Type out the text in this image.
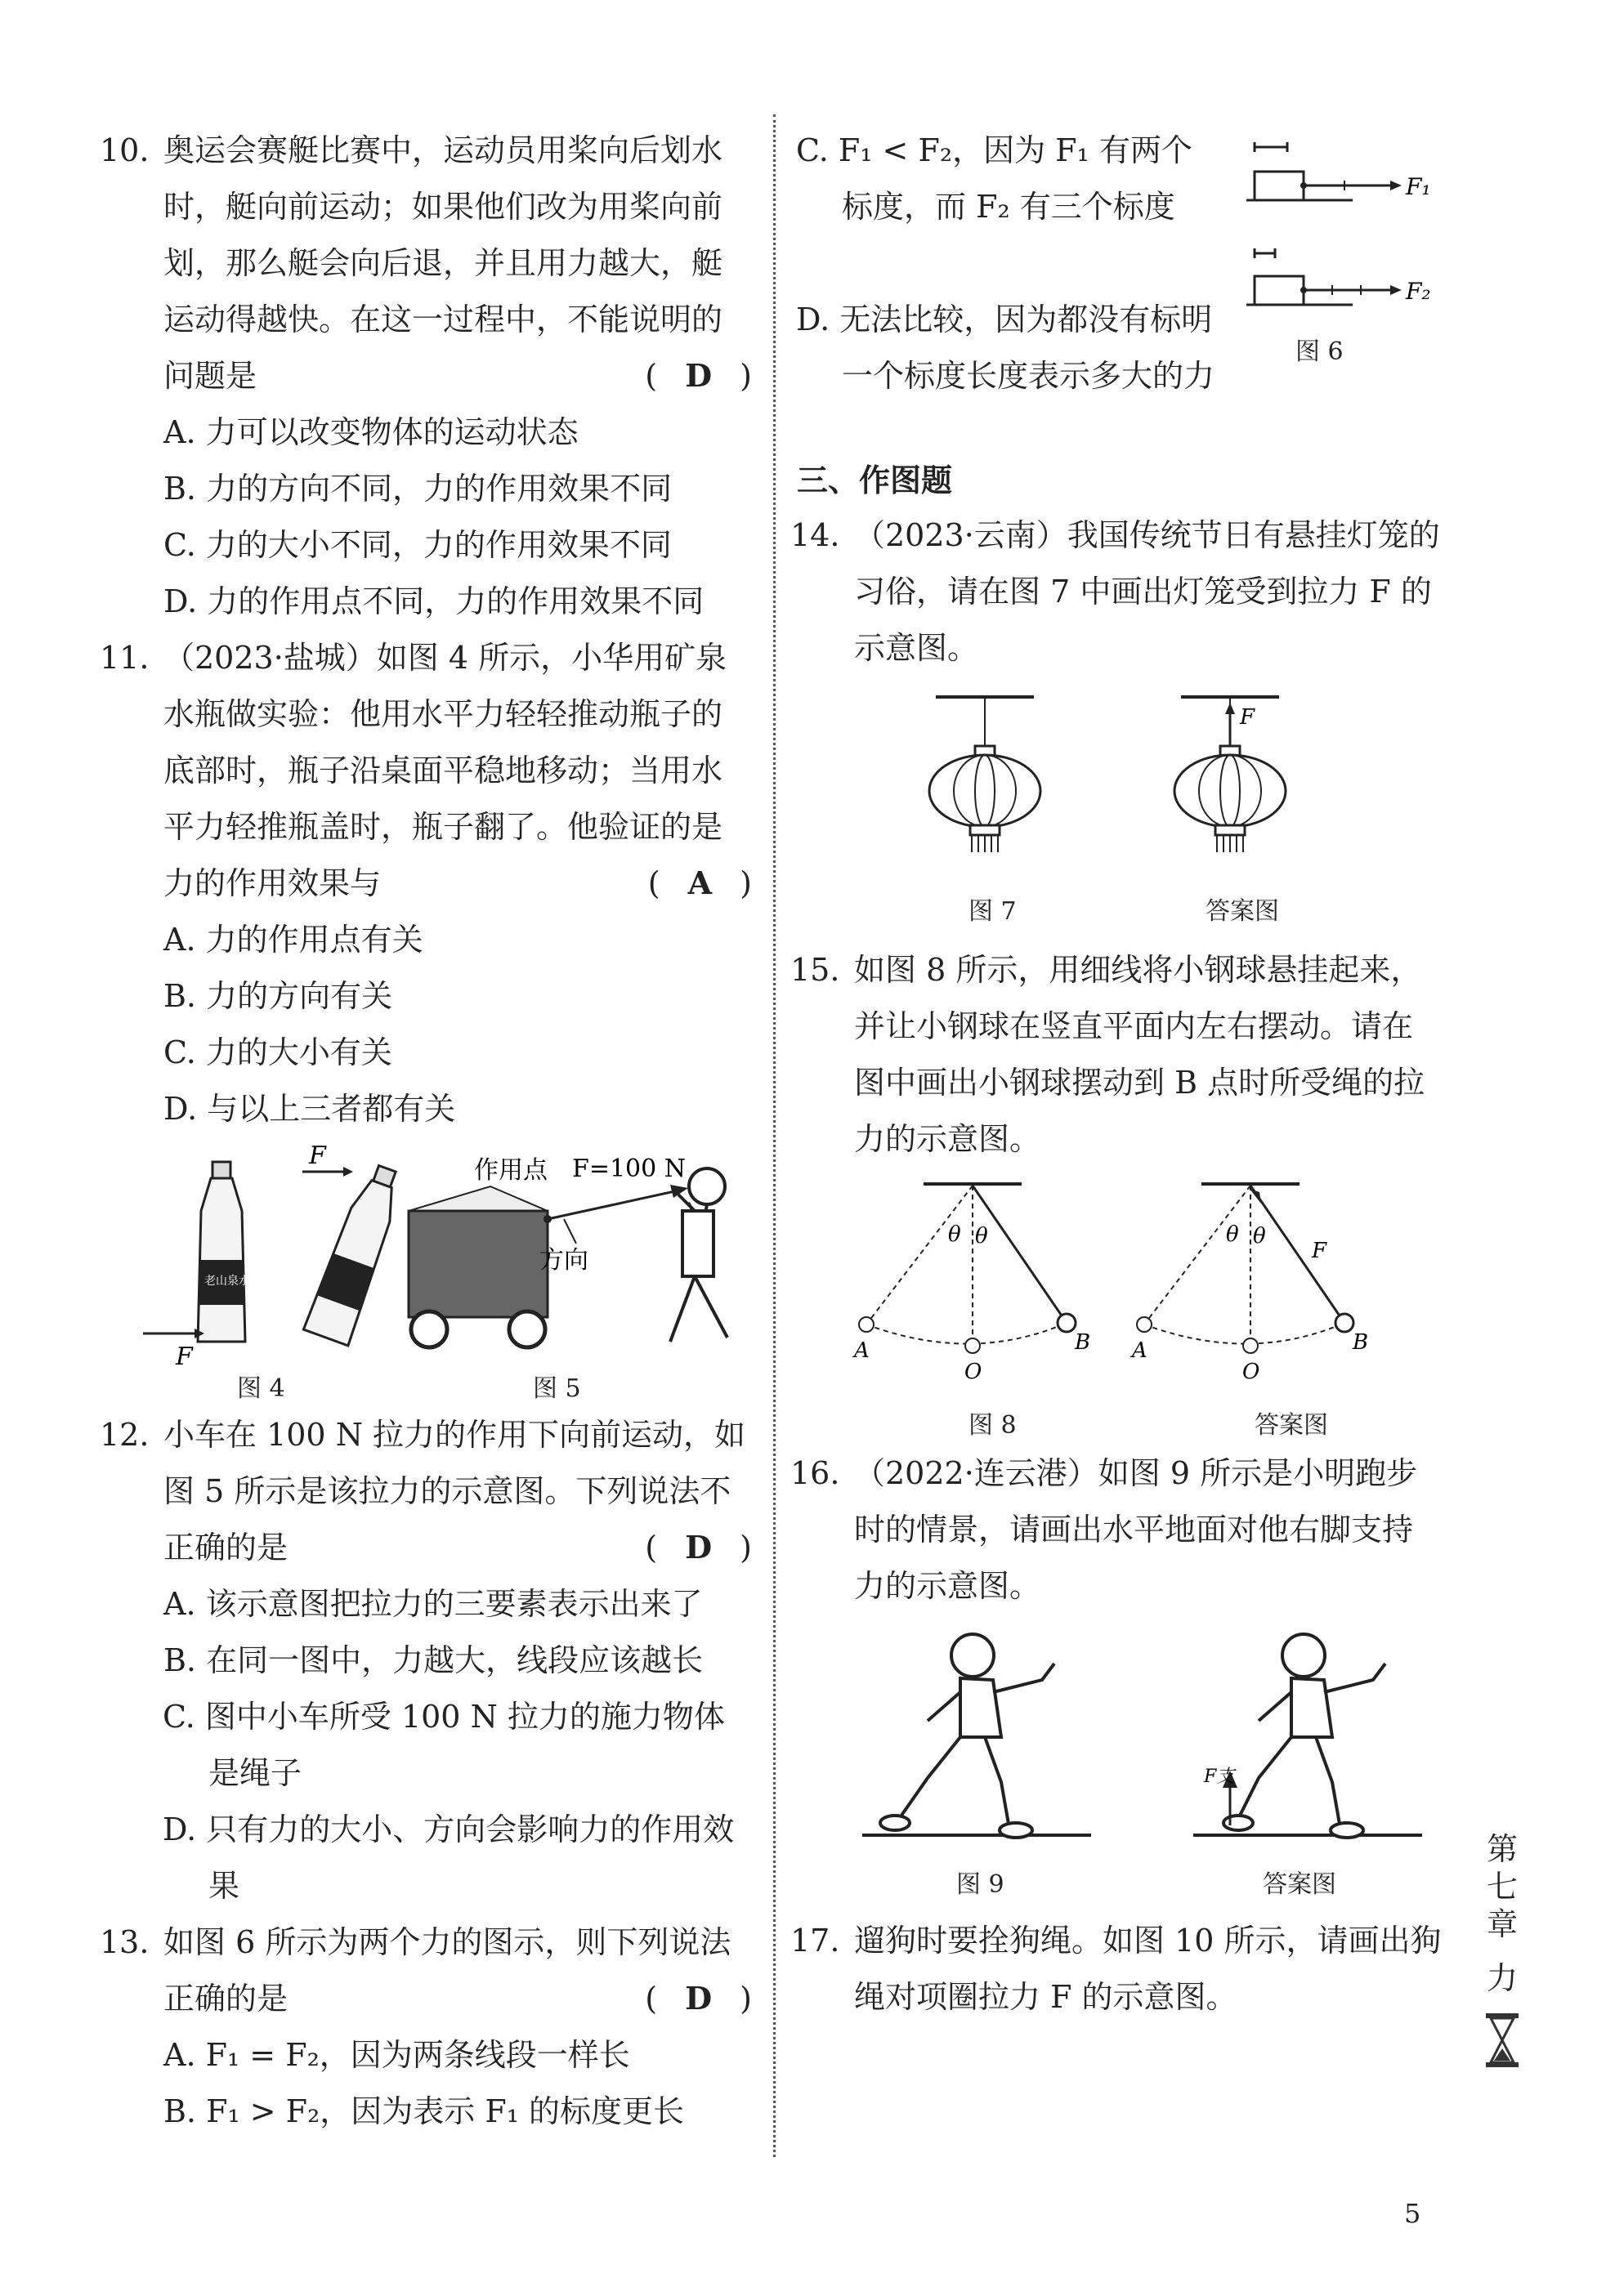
10. 奥运会赛艇比赛中，运动员用桨向后划水时，艇向前运动；如果他们改为用桨向前划，那么艇会向后退，并且用力越大，艇运动得越快。在这一过程中，不能说明的问题是	( D )
A. 力可以改变物体的运动状态
B. 力的方向不同，力的作用效果不同
C. 力的大小不同，力的作用效果不同
D. 力的作用点不同，力的作用效果不同
11. （2023·盐城）如图 4 所示，小华用矿泉水瓶做实验：他用水平力轻轻推动瓶子的底部时，瓶子沿桌面平稳地移动；当用水平力轻推瓶盖时，瓶子翻了。他验证的是力的作用效果与	( A )
A. 力的作用点有关
B. 力的方向有关
C. 力的大小有关
D. 与以上三者都有关
老山泉水
F
F
作用点 F=100 N
方向
图 4	图 5
12. 小车在 100 N 拉力的作用下向前运动，如图 5 所示是该拉力的示意图。下列说法不正确的是	( D )
A. 该示意图把拉力的三要素表示出来了
B. 在同一图中，力越大，线段应该越长
C. 图中小车所受 100 N 拉力的施力物体是绳子
D. 只有力的大小、方向会影响力的作用效果
13. 如图 6 所示为两个力的图示，则下列说法正确的是	( D )
A. F₁ = F₂，因为两条线段一样长
B. F₁ > F₂，因为表示 F₁ 的标度更长
C. F₁ < F₂，因为 F₁ 有两个标度，而 F₂ 有三个标度
D. 无法比较，因为都没有标明一个标度长度表示多大的力
F₁
F₂
图 6
三、作图题
14. （2023·云南）我国传统节日有悬挂灯笼的习俗，请在图 7 中画出灯笼受到拉力 F 的示意图。
F
图 7	答案图
15. 如图 8 所示，用细线将小钢球悬挂起来，并让小钢球在竖直平面内左右摆动。请在图中画出小钢球摆动到 B 点时所受绳的拉力的示意图。
θ θ
A
O
B
θ θ
F
A
O
B
图 8	答案图
16. （2022·连云港）如图 9 所示是小明跑步时的情景，请画出水平地面对他右脚支持力的示意图。
F支
图 9	答案图
17. 遛狗时要拴狗绳。如图 10 所示，请画出狗绳对项圈拉力 F 的示意图。
第
七
章
力
5
